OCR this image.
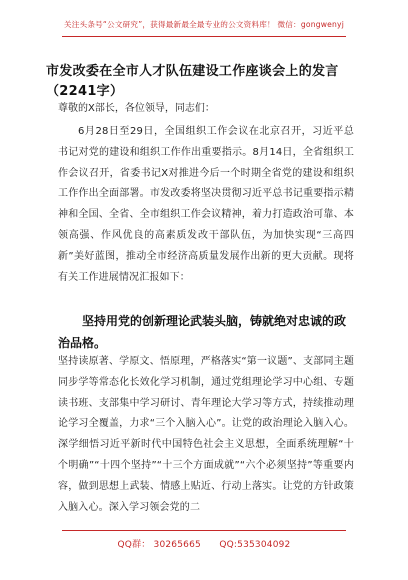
关注头条号“公文研究”，获得最新最全最专业的公文资料库！ 微信：gongwenyj
市发改委在全市人才队伍建设工作座谈会上的发言（2241字）
尊敬的X部长，各位领导，同志们：
6月28日至29日，全国组织工作会议在北京召开，习近平总书记对党的建设和组织工作作出重要指示。8月14日，全省组织工作会议召开，省委书记X对推进今后一个时期全省党的建设和组织工作作出全面部署。市发改委将坚决贯彻习近平总书记重要指示精神和全国、全省、全市组织工作会议精神，着力打造政治可靠、本领高强、作风优良的高素质发改干部队伍，为加快实现“三高四新”美好蓝图，推动全市经济高质量发展作出新的更大贡献。现将有关工作进展情况汇报如下：
坚持用党的创新理论武装头脑，铸就绝对忠诚的政治品格。
坚持读原著、学原文、悟原理，严格落实“第一议题”、支部同主题同步学等常态化长效化学习机制，通过党组理论学习中心组、专题读书班、支部集中学习研讨、青年理论大学习等方式，持续推动理论学习全覆盖，力求“三个入脑入心”。让党的政治理论入脑入心。深学细悟习近平新时代中国特色社会主义思想，全面系统理解“十个明确”“十四个坚持”“十三个方面成就”“六个必须坚持”等重要内容，做到思想上武装、情感上贴近、行动上落实。让党的方针政策入脑入心。深入学习领会党的二
QQ群： 30265665　　QQ:535304092
